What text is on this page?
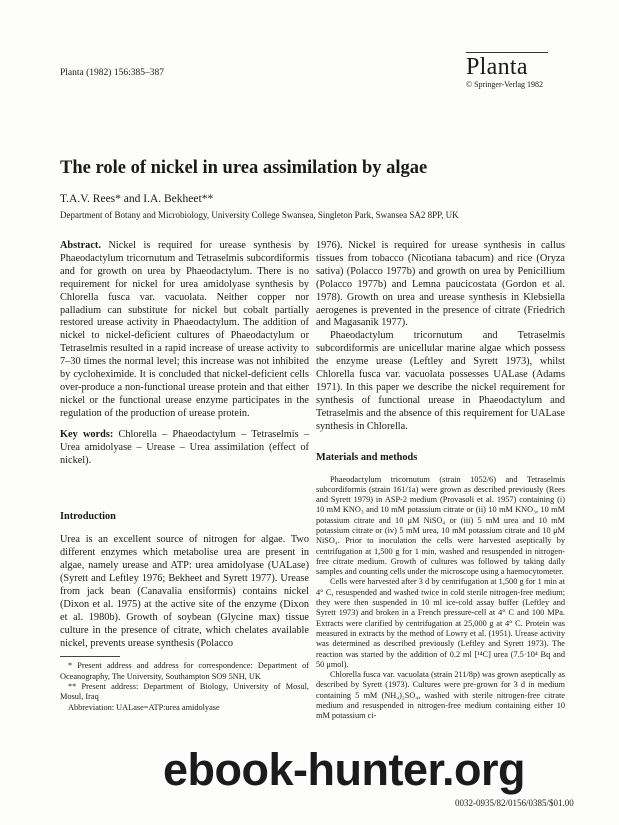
Planta (1982) 156:385–387	Planta
© Springer-Verlag 1982
The role of nickel in urea assimilation by algae
T.A.V. Rees* and I.A. Bekheet**
Department of Botany and Microbiology, University College Swansea, Singleton Park, Swansea SA2 8PP, UK

Abstract. Nickel is required for urease synthesis by Phaeodactylum tricornutum and Tetraselmis subcordiformis and for growth on urea by Phaeodactylum. There is no requirement for nickel for urea amidolyase synthesis by Chlorella fusca var. vacuolata. Neither copper nor palladium can substitute for nickel but cobalt partially restored urease activity in Phaeodactylum. The addition of nickel to nickel-deficient cultures of Phaeodactylum or Tetraselmis resulted in a rapid increase of urease activity to 7–30 times the normal level; this increase was not inhibited by cycloheximide. It is concluded that nickel-deficient cells over-produce a non-functional urease protein and that either nickel or the functional urease enzyme participates in the regulation of the production of urease protein.

Key words: Chlorella – Phaeodactylum – Tetraselmis – Urea amidolyase – Urease – Urea assimilation (effect of nickel).

Introduction

Urea is an excellent source of nitrogen for algae. Two different enzymes which metabolise urea are present in algae, namely urease and ATP: urea amidolyase (UALase) (Syrett and Leftley 1976; Bekheet and Syrett 1977). Urease from jack bean (Canavalia ensiformis) contains nickel (Dixon et al. 1975) at the active site of the enzyme (Dixon et al. 1980b). Growth of soybean (Glycine max) tissue culture in the presence of citrate, which chelates available nickel, prevents urease synthesis (Polacco

* Present address and address for correspondence: Department of Oceanography, The University, Southampton SO9 5NH, UK

** Present address: Department of Biology, University of Mosul, Mosul, Iraq

Abbreviation: UALase=ATP:urea amidolyase

1976). Nickel is required for urease synthesis in callus tissues from tobacco (Nicotiana tabacum) and rice (Oryza sativa) (Polacco 1977b) and growth on urea by Penicillium (Polacco 1977b) and Lemna paucicostata (Gordon et al. 1978). Growth on urea and urease synthesis in Klebsiella aerogenes is prevented in the presence of citrate (Friedrich and Magasanik 1977).

Phaeodactylum tricornutum and Tetraselmis subcordiformis are unicellular marine algae which possess the enzyme urease (Leftley and Syrett 1973), whilst Chlorella fusca var. vacuolata possesses UALase (Adams 1971). In this paper we describe the nickel requirement for synthesis of functional urease in Phaeodactylum and Tetraselmis and the absence of this requirement for UALase synthesis in Chlorella.

Materials and methods

Phaeodactylum tricornutum (strain 1052/6) and Tetraselmis subcordiformis (strain 161/1a) were grown as described previously (Rees and Syrett 1979) in ASP-2 medium (Provasoli et al. 1957) containing (i) 10 mM KNO₃ and 10 mM potassium citrate or (ii) 10 mM KNO₃, 10 mM potassium citrate and 10 μM NiSO₄ or (iii) 5 mM urea and 10 mM potassium citrate or (iv) 5 mM urea, 10 mM potassium citrate and 10 μM NiSO₄. Prior to inoculation the cells were harvested aseptically by centrifugation at 1,500 g for 1 min, washed and resuspended in nitrogen-free citrate medium. Growth of cultures was followed by taking daily samples and counting cells under the microscope using a haemocytometer.

Cells were harvested after 3 d by centrifugation at 1,500 g for 1 min at 4° C, resuspended and washed twice in cold sterile nitrogen-free medium; they were then suspended in 10 ml ice-cold assay buffer (Leftley and Syrett 1973) and broken in a French pressure-cell at 4° C and 100 MPa. Extracts were clarified by centrifugation at 25,000 g at 4° C. Protein was measured in extracts by the method of Lowry et al. (1951). Urease activity was determined as described previously (Leftley and Syrett 1973). The reaction was started by the addition of 0.2 ml [¹⁴C] urea (7.5·10⁴ Bq and 50 μmol).

Chlorella fusca var. vacuolata (strain 211/8p) was grown aseptically as described by Syrett (1973). Cultures were pre-grown for 3 d in medium containing 5 mM (NH₄)₂SO₄, washed with sterile nitrogen-free citrate medium and resuspended in nitrogen-free medium containing either 10 mM potassium ci-

0032-0935/82/0156/0385/$01.00
ebook-hunter.org
